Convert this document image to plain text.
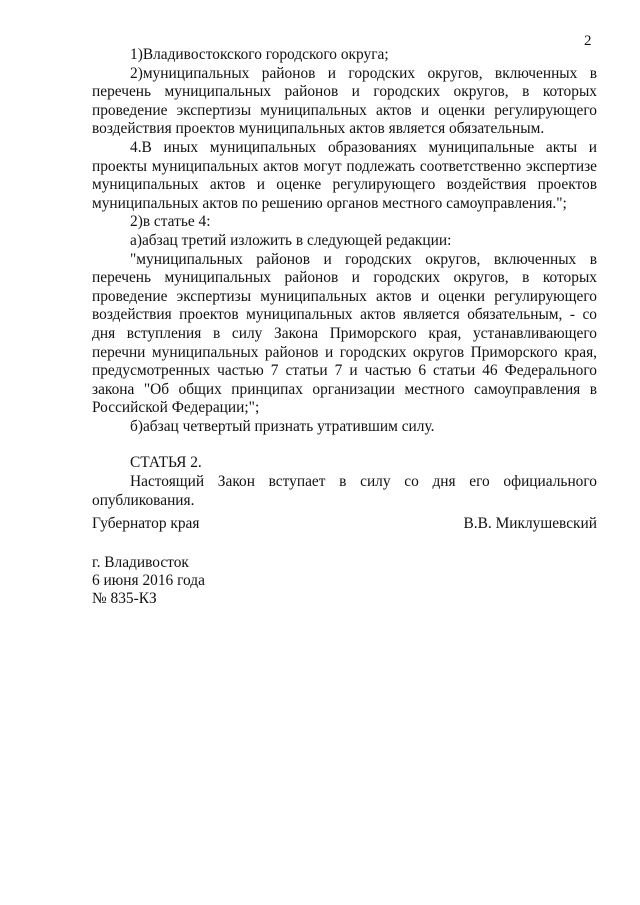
2

1)Владивостокского городского округа;

2)муниципальных районов и городских округов, включенных в перечень муниципальных районов и городских округов, в которых проведение экспертизы муниципальных актов и оценки регулирующего воздействия проектов муниципальных актов является обязательным.

4.В иных муниципальных образованиях муниципальные акты и проекты муниципальных актов могут подлежать соответственно экспертизе муниципальных актов и оценке регулирующего воздействия проектов муниципальных актов по решению органов местного самоуправления.";

2)в статье 4:

а)абзац третий изложить в следующей редакции:

"муниципальных районов и городских округов, включенных в перечень муниципальных районов и городских округов, в которых проведение экспертизы муниципальных актов и оценки регулирующего воздействия проектов муниципальных актов является обязательным, - со дня вступления в силу Закона Приморского края, устанавливающего перечни муниципальных районов и городских округов Приморского края, предусмотренных частью 7 статьи 7 и частью 6 статьи 46 Федерального закона "Об общих принципах организации местного самоуправления в Российской Федерации;";

б)абзац четвертый признать утратившим силу.

СТАТЬЯ 2.

Настоящий Закон вступает в силу со дня его официального опубликования.

Губернатор края	В.В. Миклушевский
г. Владивосток
6 июня 2016 года
№ 835-КЗ
